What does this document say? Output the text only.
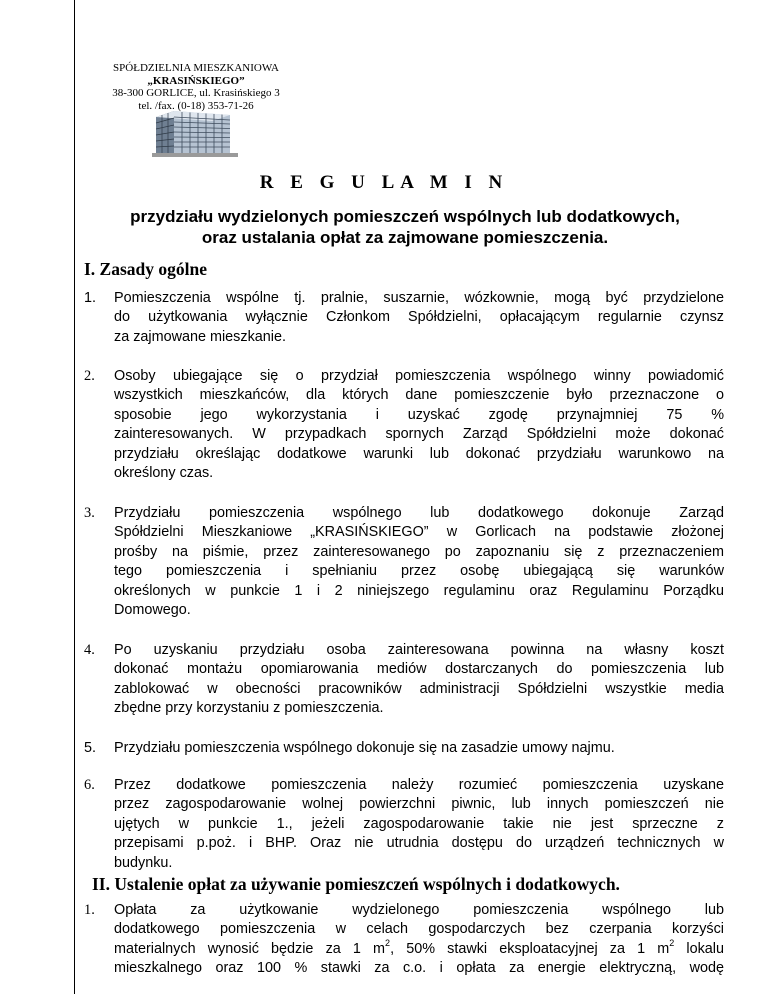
SPÓŁDZIELNIA MIESZKANIOWA
„KRASIŃSKIEGO”
38-300 GORLICE, ul. Krasińskiego 3
tel. /fax. (0-18) 353-71-26
R E G U LA M I N
przydziału wydzielonych pomieszczeń wspólnych lub dodatkowych,
oraz ustalania opłat za zajmowane pomieszczenia.
I. Zasady ogólne
1.	Pomieszczenia wspólne tj. pralnie, suszarnie, wózkownie, mogą być przydzielone
do użytkowania wyłącznie Członkom Spółdzielni, opłacającym regularnie czynsz
za zajmowane mieszkanie.
2.	Osoby ubiegające się o przydział pomieszczenia wspólnego winny powiadomić
wszystkich mieszkańców, dla których dane pomieszczenie było przeznaczone o
sposobie jego wykorzystania i uzyskać zgodę przynajmniej 75 %
zainteresowanych. W przypadkach spornych Zarząd Spółdzielni może dokonać
przydziału określając dodatkowe warunki lub dokonać przydziału warunkowo na
określony czas.
3.	Przydziału pomieszczenia wspólnego lub dodatkowego dokonuje Zarząd
Spółdzielni Mieszkaniowe „KRASIŃSKIEGO” w Gorlicach na podstawie złożonej
prośby na piśmie, przez zainteresowanego po zapoznaniu się z przeznaczeniem
tego pomieszczenia i spełnianiu przez osobę ubiegającą się warunków
określonych w punkcie 1 i 2 niniejszego regulaminu oraz Regulaminu Porządku
Domowego.
4.	Po uzyskaniu przydziału osoba zainteresowana powinna na własny koszt
dokonać montażu opomiarowania mediów dostarczanych do pomieszczenia lub
zablokować w obecności pracowników administracji Spółdzielni wszystkie media
zbędne przy korzystaniu z pomieszczenia.
5.	Przydziału pomieszczenia wspólnego dokonuje się na zasadzie umowy najmu.
6.	Przez dodatkowe pomieszczenia należy rozumieć pomieszczenia uzyskane
przez zagospodarowanie wolnej powierzchni piwnic, lub innych pomieszczeń nie
ujętych w punkcie 1., jeżeli zagospodarowanie takie nie jest sprzeczne z
przepisami p.poż. i BHP. Oraz nie utrudnia dostępu do urządzeń technicznych w
budynku.
II. Ustalenie opłat za używanie pomieszczeń wspólnych i dodatkowych.
1.	Opłata za użytkowanie wydzielonego pomieszczenia wspólnego lub
dodatkowego pomieszczenia w celach gospodarczych bez czerpania korzyści
materialnych wynosić będzie za 1 $m^2$, 50% stawki eksploatacyjnej za 1 $m^2$ lokalu
mieszkalnego oraz 100 % stawki za c.o. i opłata za energie elektryczną, wodę
